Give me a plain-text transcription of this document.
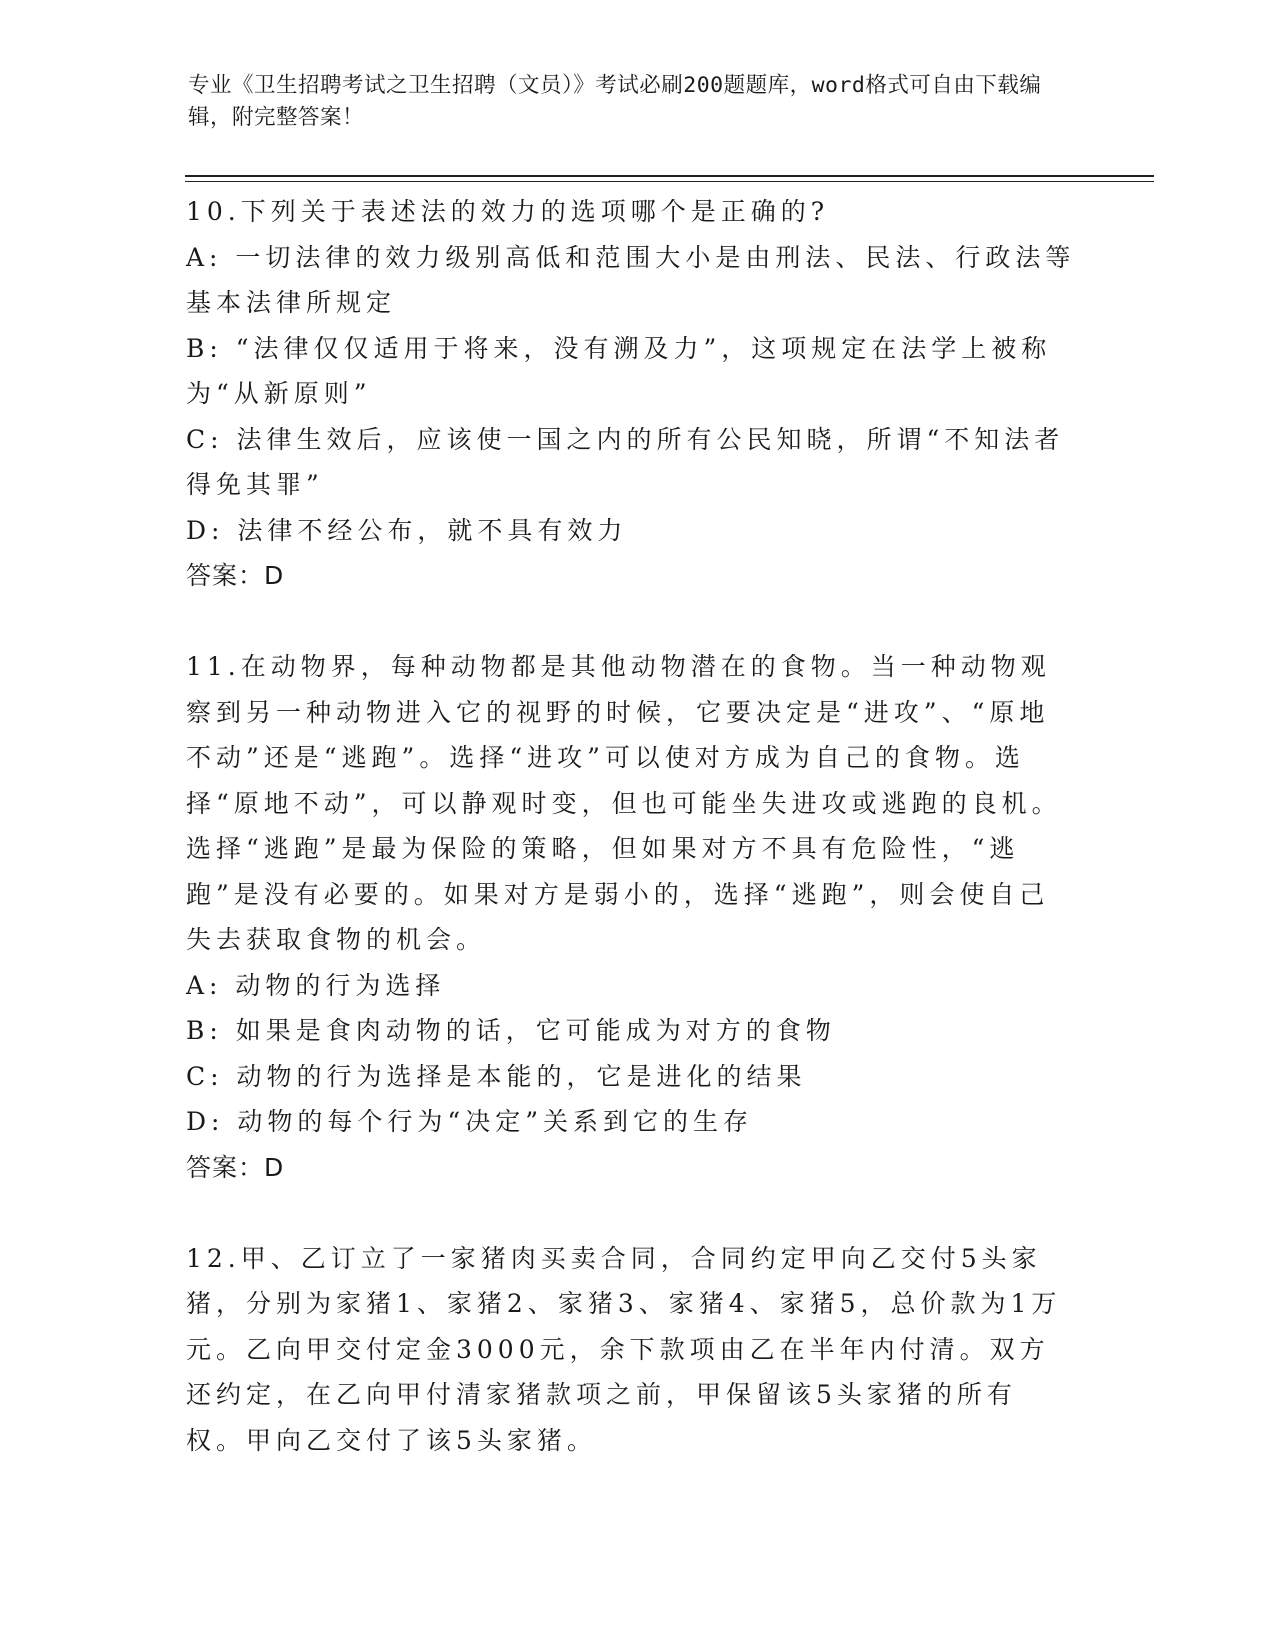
专业《卫生招聘考试之卫生招聘（文员）》考试必刷200题题库，word格式可自由下载编辑，附完整答案！

10.下列关于表述法的效力的选项哪个是正确的?

A: 一切法律的效力级别高低和范围大小是由刑法、民法、行政法等基本法律所规定

B: “法律仅仅适用于将来，没有溯及力”，这项规定在法学上被称为“从新原则”

C: 法律生效后，应该使一国之内的所有公民知晓，所谓“不知法者得免其罪”

D: 法律不经公布，就不具有效力

答案：D

11.在动物界，每种动物都是其他动物潜在的食物。当一种动物观察到另一种动物进入它的视野的时候，它要决定是“进攻”、“原地不动”还是“逃跑”。选择“进攻”可以使对方成为自己的食物。选择“原地不动”，可以静观时变，但也可能坐失进攻或逃跑的良机。选择“逃跑”是最为保险的策略，但如果对方不具有危险性，“逃跑”是没有必要的。如果对方是弱小的，选择“逃跑”，则会使自己失去获取食物的机会。

A: 动物的行为选择

B: 如果是食肉动物的话，它可能成为对方的食物

C: 动物的行为选择是本能的，它是进化的结果

D: 动物的每个行为“决定”关系到它的生存

答案：D

12.甲、乙订立了一家猪肉买卖合同，合同约定甲向乙交付5头家猪，分别为家猪1、家猪2、家猪3、家猪4、家猪5，总价款为1万元。乙向甲交付定金3000元，余下款项由乙在半年内付清。双方还约定，在乙向甲付清家猪款项之前，甲保留该5头家猪的所有权。甲向乙交付了该5头家猪。
